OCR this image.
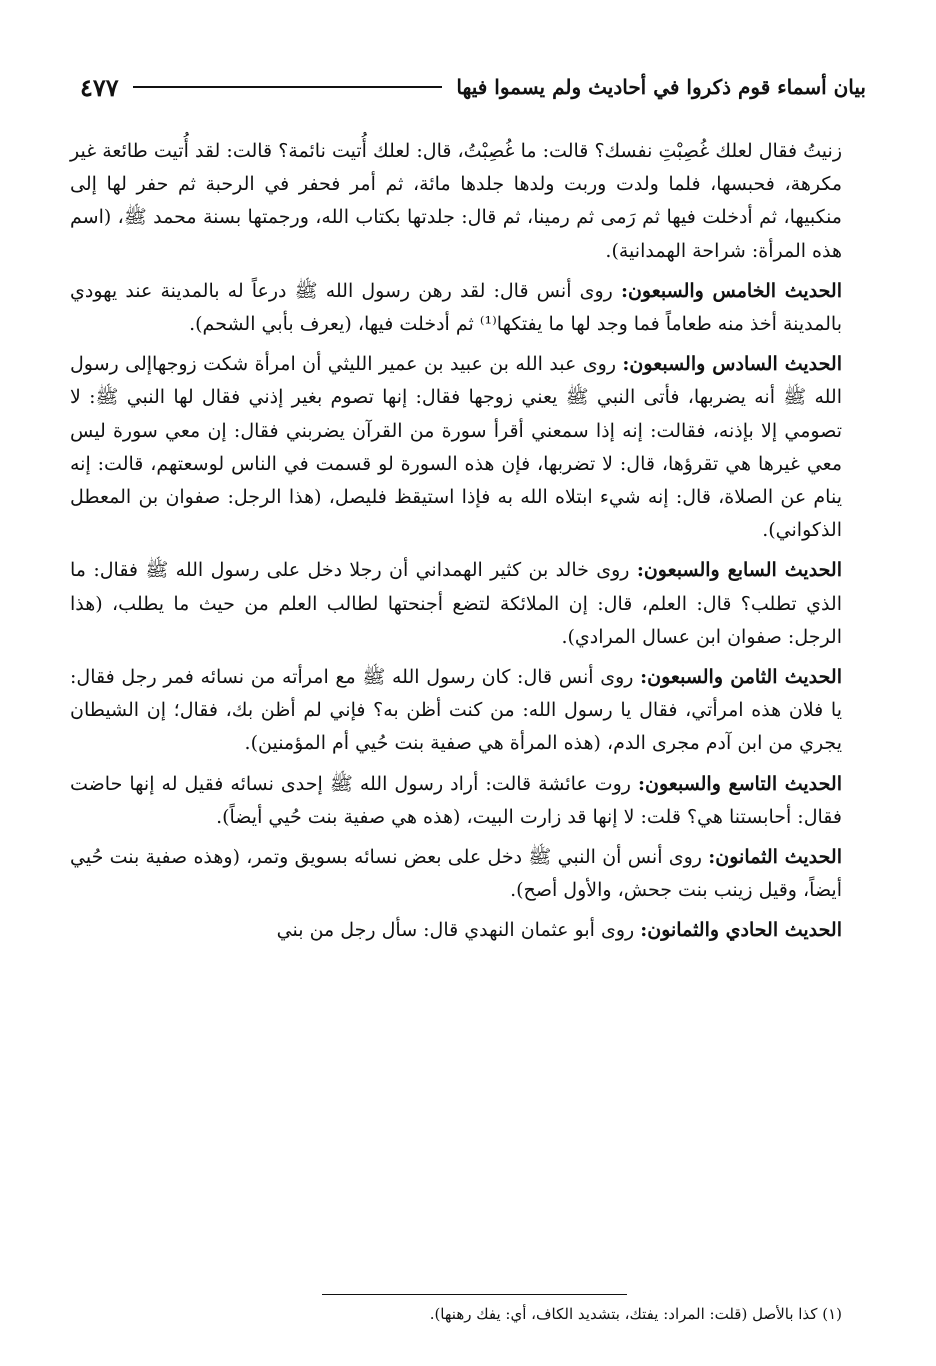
بيان أسماء قوم ذكروا في أحاديث ولم يسموا فيها
٤٧٧

زنيتُ فقال لعلك غُصِبْتِ نفسك؟ قالت: ما غُصِبْتُ، قال: لعلك أُتيت نائمة؟ قالت: لقد أُتيت طائعة غير مكرهة، فحبسها، فلما ولدت وربت ولدها جلدها مائة، ثم أمر فحفر في الرحبة ثم حفر لها إلى منكبيها، ثم أدخلت فيها ثم رَمى ثم رمينا، ثم قال: جلدتها بكتاب الله، ورجمتها بسنة محمد ﷺ، (اسم هذه المرأة: شراحة الهمدانية).

الحديث الخامس والسبعون: روى أنس قال: لقد رهن رسول الله ﷺ درعاً له بالمدينة عند يهودي بالمدينة أخذ منه طعاماً فما وجد لها ما يفتكها⁽¹⁾ ثم أدخلت فيها، (يعرف بأبي الشحم).

الحديث السادس والسبعون: روى عبد الله بن عبيد بن عمير الليثي أن امرأة شكت زوجهاإلى رسول الله ﷺ أنه يضربها، فأتى النبي ﷺ يعني زوجها فقال: إنها تصوم بغير إذني فقال لها النبي ﷺ: لا تصومي إلا بإذنه، فقالت: إنه إذا سمعني أقرأ سورة من القرآن يضربني فقال: إن معي سورة ليس معي غيرها هي تقرؤها، قال: لا تضربها، فإن هذه السورة لو قسمت في الناس لوسعتهم، قالت: إنه ينام عن الصلاة، قال: إنه شيء ابتلاه الله به فإذا استيقظ فليصل، (هذا الرجل: صفوان بن المعطل الذكواني).

الحديث السابع والسبعون: روى خالد بن كثير الهمداني أن رجلا دخل على رسول الله ﷺ فقال: ما الذي تطلب؟ قال: العلم، قال: إن الملائكة لتضع أجنحتها لطالب العلم من حيث ما يطلب، (هذا الرجل: صفوان ابن عسال المرادي).

الحديث الثامن والسبعون: روى أنس قال: كان رسول الله ﷺ مع امرأته من نسائه فمر رجل فقال: يا فلان هذه امرأتي، فقال يا رسول الله: من كنت أظن به؟ فإني لم أظن بك، فقال؛ إن الشيطان يجري من ابن آدم مجرى الدم، (هذه المرأة هي صفية بنت حُيي أم المؤمنين).

الحديث التاسع والسبعون: روت عائشة قالت: أراد رسول الله ﷺ إحدى نسائه فقيل له إنها حاضت فقال: أحابستنا هي؟ قلت: لا إنها قد زارت البيت، (هذه هي صفية بنت حُيي أيضاً).

الحديث الثمانون: روى أنس أن النبي ﷺ دخل على بعض نسائه بسويق وتمر، (وهذه صفية بنت حُيي أيضاً، وقيل زينب بنت جحش، والأول أصح).

الحديث الحادي والثمانون: روى أبو عثمان النهدي قال: سأل رجل من بني

(١) كذا بالأصل (قلت: المراد: يفتك، بتشديد الكاف، أي: يفك رهنها).
